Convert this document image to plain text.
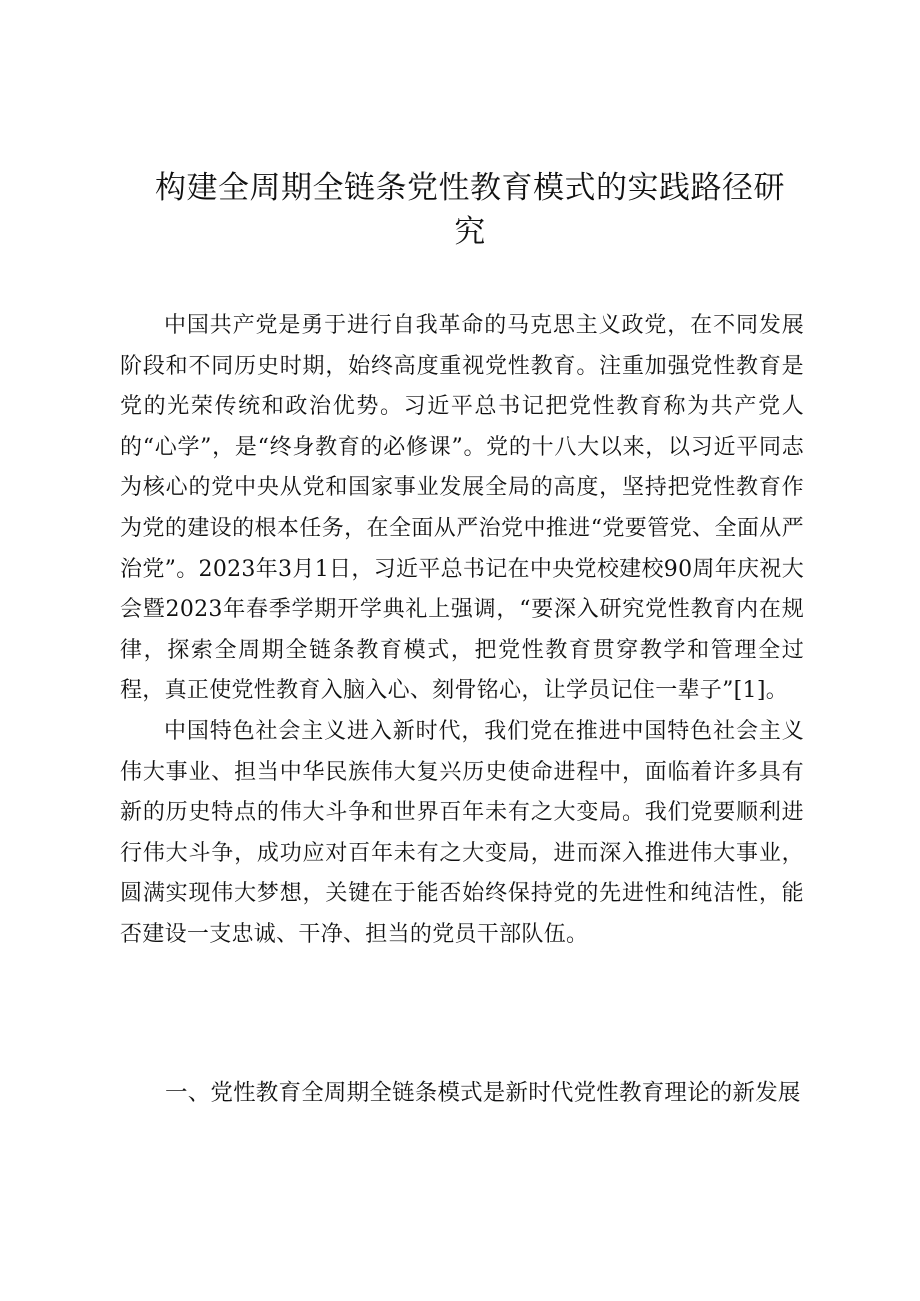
构建全周期全链条党性教育模式的实践路径研究

中国共产党是勇于进行自我革命的马克思主义政党，在不同发展阶段和不同历史时期，始终高度重视党性教育。注重加强党性教育是党的光荣传统和政治优势。习近平总书记把党性教育称为共产党人的“心学”，是“终身教育的必修课”。党的十八大以来，以习近平同志为核心的党中央从党和国家事业发展全局的高度，坚持把党性教育作为党的建设的根本任务，在全面从严治党中推进“党要管党、全面从严治党”。2023年3月1日，习近平总书记在中央党校建校90周年庆祝大会暨2023年春季学期开学典礼上强调，“要深入研究党性教育内在规律，探索全周期全链条教育模式，把党性教育贯穿教学和管理全过程，真正使党性教育入脑入心、刻骨铭心，让学员记住一辈子”[1]。

中国特色社会主义进入新时代，我们党在推进中国特色社会主义伟大事业、担当中华民族伟大复兴历史使命进程中，面临着许多具有新的历史特点的伟大斗争和世界百年未有之大变局。我们党要顺利进行伟大斗争，成功应对百年未有之大变局，进而深入推进伟大事业，圆满实现伟大梦想，关键在于能否始终保持党的先进性和纯洁性，能否建设一支忠诚、干净、担当的党员干部队伍。

一、党性教育全周期全链条模式是新时代党性教育理论的新发展
